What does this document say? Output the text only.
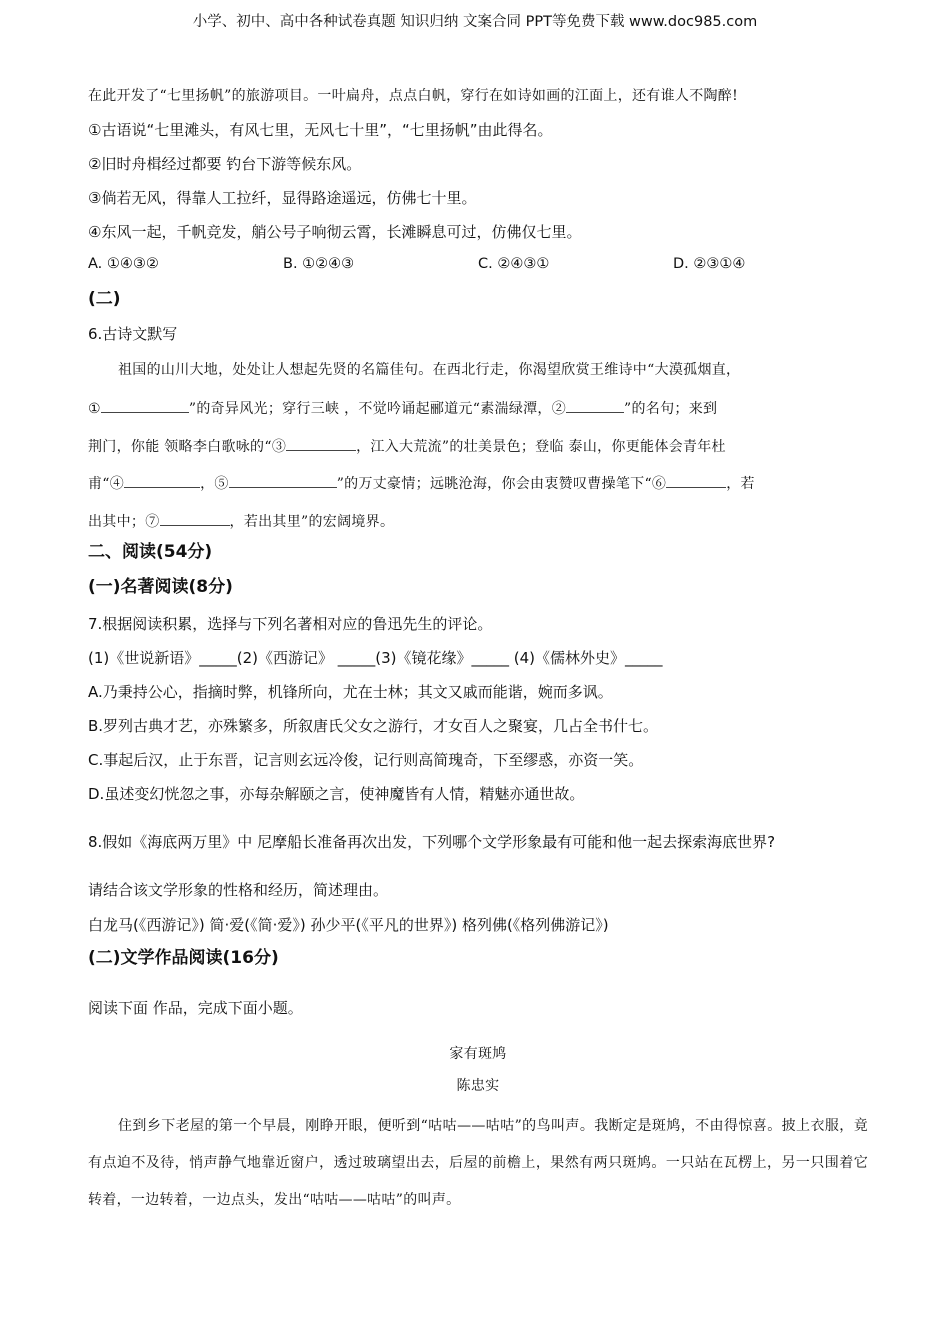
小学、初中、高中各种试卷真题 知识归纳 文案合同 PPT等免费下载 www.doc985.com

在此开发了“七里扬帆”的旅游项目。一叶扁舟，点点白帆，穿行在如诗如画的江面上，还有谁人不陶醉!

①古语说“七里滩头，有风七里，无风七十里”，“七里扬帆”由此得名。

②旧时舟楫经过都要 钓台下游等候东风。

③倘若无风，得靠人工拉纤，显得路途遥远，仿佛七十里。

④东风一起，千帆竞发，艄公号子响彻云霄，长滩瞬息可过，仿佛仅七里。

A. ①④③②	B. ①②④③	C. ②④③①	D. ②③①④

(二)

6.古诗文默写

祖国的山川大地，处处让人想起先贤的名篇佳句。在西北行走，你渴望欣赏王维诗中“大漠孤烟直，

①	”的奇异风光；穿行三峡 ，不觉吟诵起郦道元“素湍绿潭，②	”的名句；来到

荆门，你能 领略李白歌咏的“③	，江入大荒流”的壮美景色；登临 泰山，你更能体会青年杜

甫“④	，⑤	”的万丈豪情；远眺沧海，你会由衷赞叹曹操笔下“⑥	，若

出其中；⑦	，若出其里”的宏阔境界。

二、阅读(54分)

(一)名著阅读(8分)

7.根据阅读积累，选择与下列名著相对应的鲁迅先生的评论。

(1)《世说新语》_____(2)《西游记》 _____(3)《镜花缘》_____ (4)《儒林外史》_____

A.乃秉持公心，指摘时弊，机锋所向，尤在士林；其文又戚而能谐，婉而多讽。

B.罗列古典才艺，亦殊繁多，所叙唐氏父女之游行，才女百人之聚宴，几占全书什七。

C.事起后汉，止于东晋，记言则玄远冷俊，记行则高简瑰奇，下至缪惑，亦资一笑。

D.虽述变幻恍忽之事，亦每杂解颐之言，使神魔皆有人情，精魅亦通世故。

8.假如《海底两万里》中 尼摩船长准备再次出发，下列哪个文学形象最有可能和他一起去探索海底世界?

请结合该文学形象的性格和经历，简述理由。

白龙马(《西游记》) 简·爱(《简·爱》) 孙少平(《平凡的世界》) 格列佛(《格列佛游记》)

(二)文学作品阅读(16分)

阅读下面 作品，完成下面小题。

家有斑鸠

陈忠实

住到乡下老屋的第一个早晨，刚睁开眼，便听到“咕咕——咕咕”的鸟叫声。我断定是斑鸠，不由得惊喜。披上衣服，竟有点迫不及待，悄声静气地靠近窗户，透过玻璃望出去，后屋的前檐上，果然有两只斑鸠。一只站在瓦楞上，另一只围着它转着，一边转着，一边点头，发出“咕咕——咕咕”的叫声。
